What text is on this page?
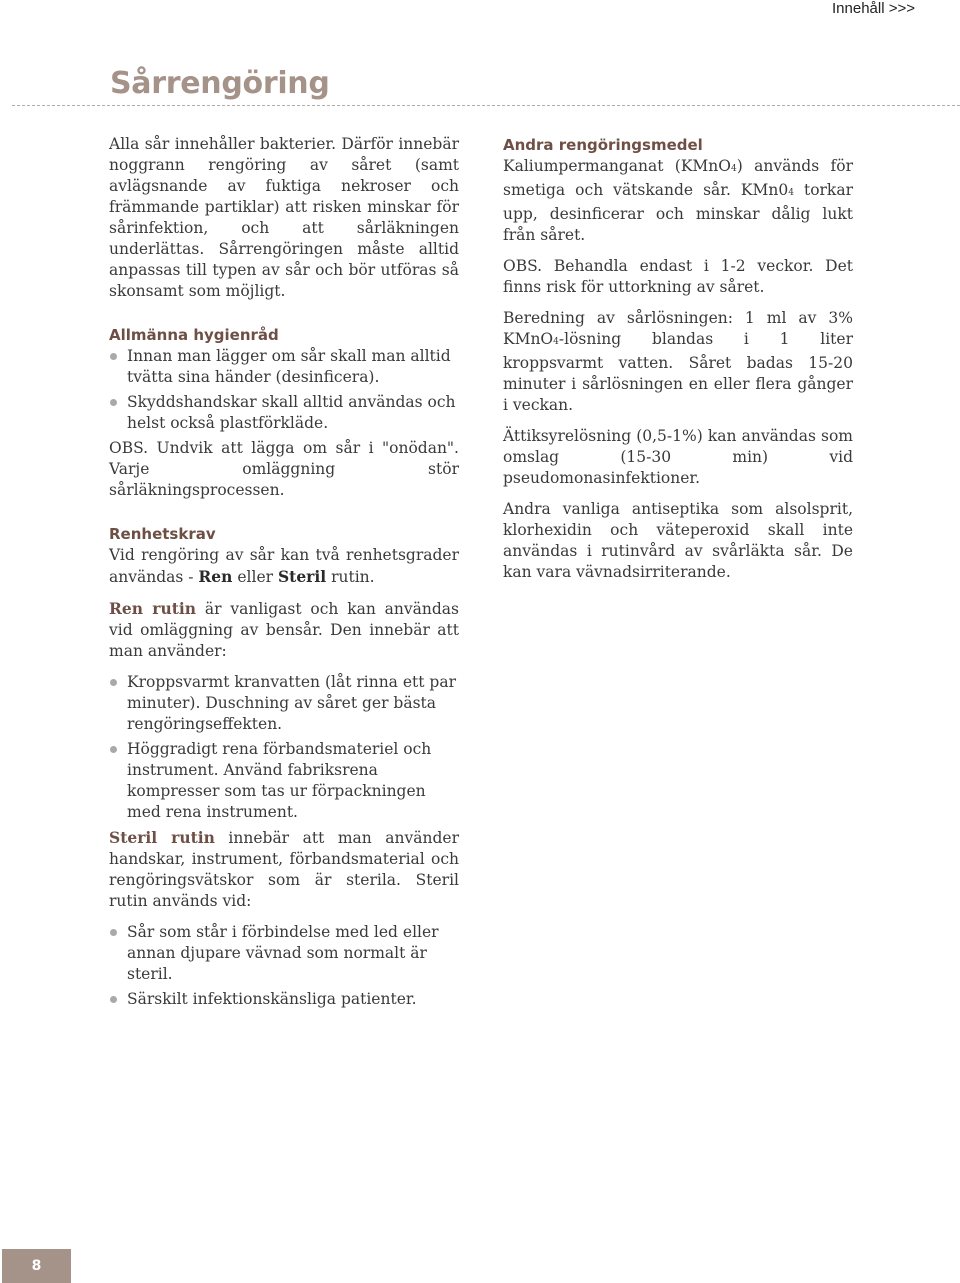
Innehåll >>>
Sårrengöring

Alla sår innehåller bakterier. Därför innebär noggrann rengöring av såret (samt avlägsnande av fuktiga nekroser och främmande partiklar) att risken minskar för sårinfektion, och att sårläkningen underlättas. Sårrengöringen måste alltid anpassas till typen av sår och bör utföras så skonsamt som möjligt.

Allmänna hygienråd
Innan man lägger om sår skall man alltid tvätta sina händer (desinficera).
Skyddshandskar skall alltid användas och helst också plastförkläde.

OBS. Undvik att lägga om sår i "onödan". Varje omläggning stör sårläkningsprocessen.

Renhetskrav

Vid rengöring av sår kan två renhetsgrader användas - Ren eller Steril rutin.

Ren rutin är vanligast och kan användas vid omläggning av bensår. Den innebär att man använder:

Kroppsvarmt kranvatten (låt rinna ett par minuter). Duschning av såret ger bästa rengöringseffekten.
Höggradigt rena förbandsmateriel och instrument. Använd fabriksrena kompresser som tas ur förpackningen med rena instrument.

Steril rutin innebär att man använder handskar, instrument, förbandsmaterial och rengöringsvätskor som är sterila. Steril rutin används vid:

Sår som står i förbindelse med led eller annan djupare vävnad som normalt är steril.
Särskilt infektionskänsliga patienter.
Andra rengöringsmedel

Kaliumpermanganat (KMnO4) används för smetiga och vätskande sår. KMn04 torkar upp, desinficerar och minskar dålig lukt från såret.

OBS. Behandla endast i 1-2 veckor. Det finns risk för uttorkning av såret.

Beredning av sårlösningen: 1 ml av 3% KMnO4-lösning blandas i 1 liter kroppsvarmt vatten. Såret badas 15-20 minuter i sårlösningen en eller flera gånger i veckan.

Ättiksyrelösning (0,5-1%) kan användas som omslag (15-30 min) vid pseudomonasinfektioner.

Andra vanliga antiseptika som alsolsprit, klorhexidin och väteperoxid skall inte användas i rutinvård av svårläkta sår. De kan vara vävnadsirriterande.

8
